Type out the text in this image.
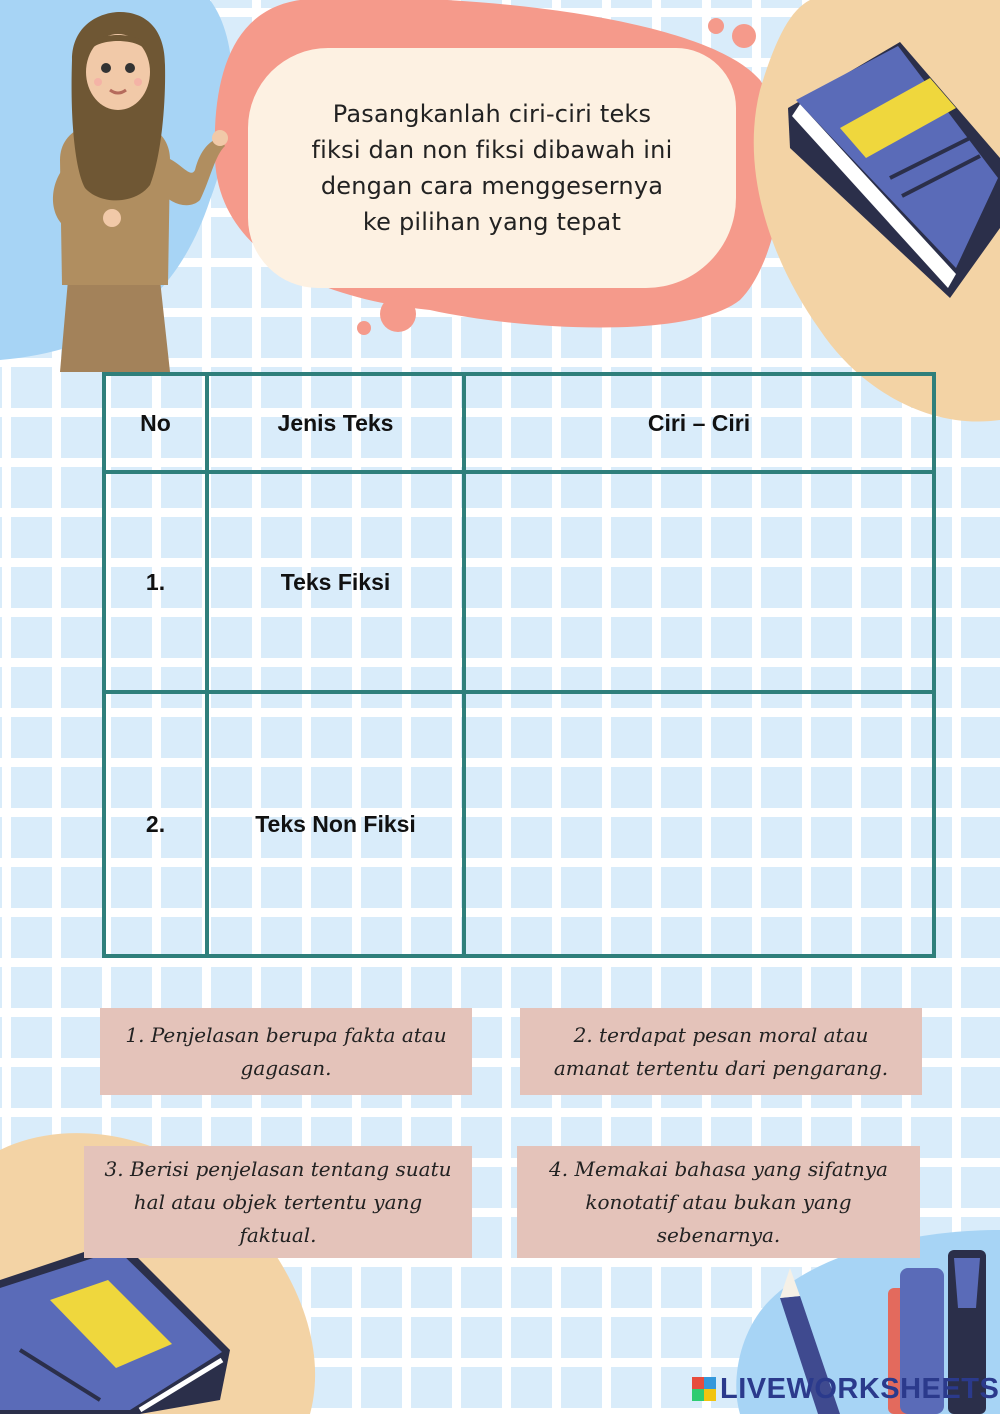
Pasangkanlah ciri-ciri teks
fiksi dan non fiksi dibawah ini
dengan cara menggesernya
ke pilihan yang tepat
No	Jenis Teks	Ciri – Ciri
1.	Teks Fiksi	
2.	Teks Non Fiksi	
1. Penjelasan berupa fakta atau
gagasan.
2. terdapat pesan moral atau
amanat tertentu dari pengarang.
3. Berisi penjelasan tentang suatu
hal atau objek tertentu yang
faktual.
4. Memakai bahasa yang sifatnya
konotatif atau bukan yang
sebenarnya.
LIVEWORKSHEETS
